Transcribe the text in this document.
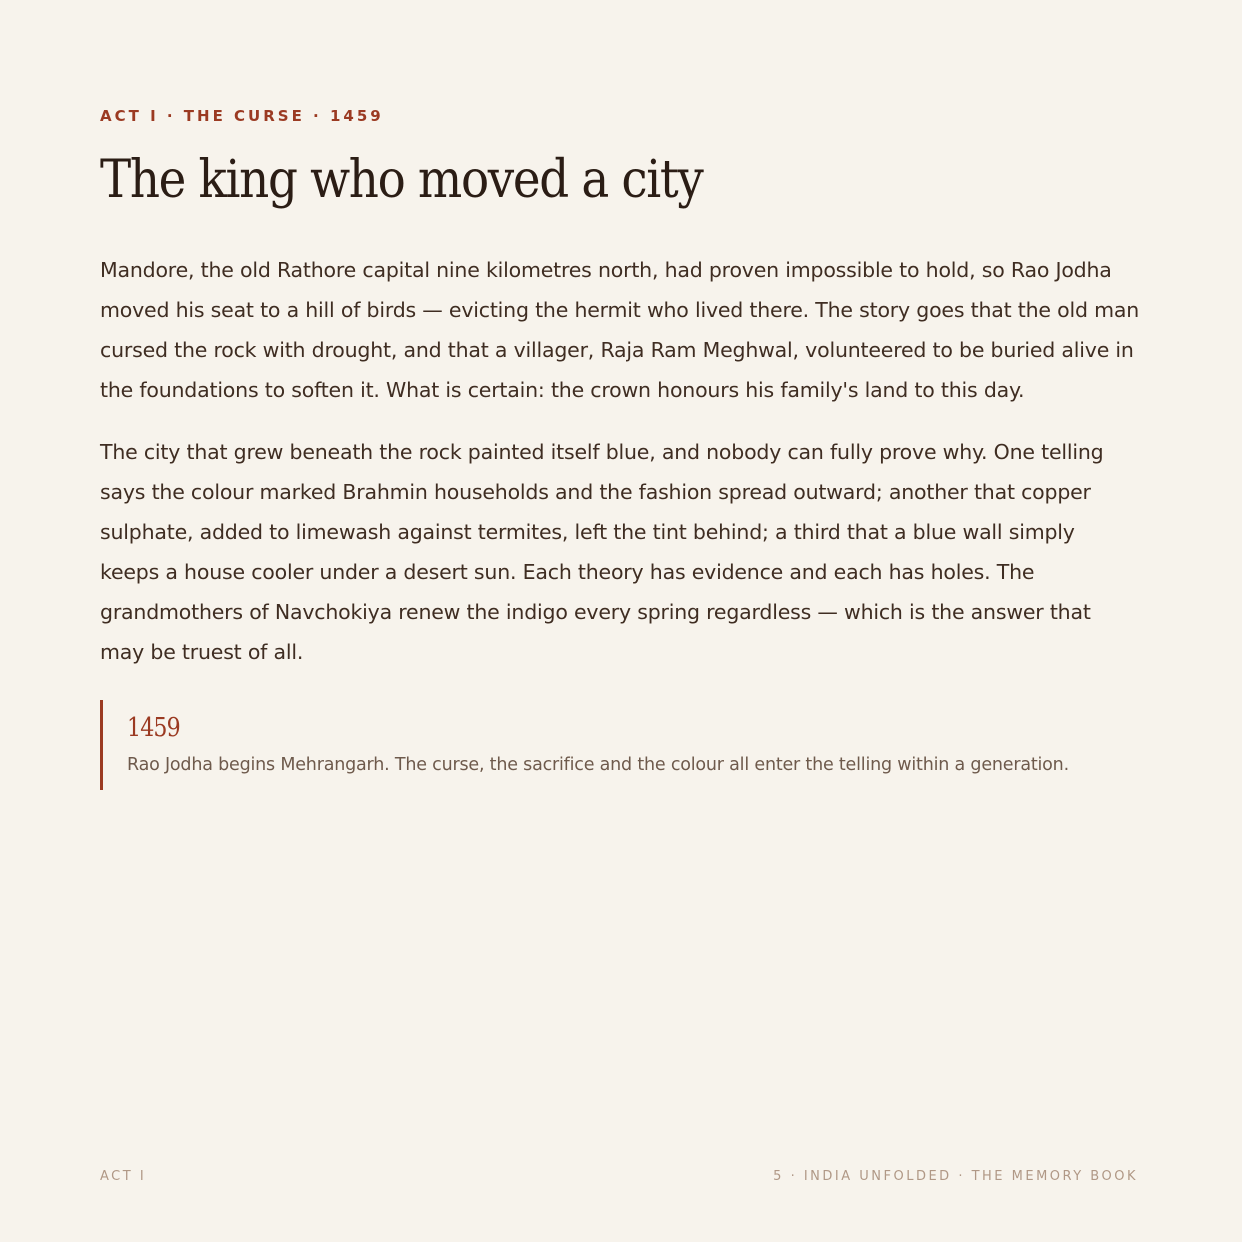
ACT I · THE CURSE · 1459
The king who moved a city

Mandore, the old Rathore capital nine kilometres north, had proven impossible to hold, so Rao Jodha moved his seat to a hill of birds — evicting the hermit who lived there. The story goes that the old man cursed the rock with drought, and that a villager, Raja Ram Meghwal, volunteered to be buried alive in the foundations to soften it. What is certain: the crown honours his family's land to this day.

The city that grew beneath the rock painted itself blue, and nobody can fully prove why. One telling says the colour marked Brahmin households and the fashion spread outward; another that copper sulphate, added to limewash against termites, left the tint behind; a third that a blue wall simply keeps a house cooler under a desert sun. Each theory has evidence and each has holes. The grandmothers of Navchokiya renew the indigo every spring regardless — which is the answer that may be truest of all.

1459
Rao Jodha begins Mehrangarh. The curse, the sacrifice and the colour all enter the telling within a generation.
ACT I	5 · INDIA UNFOLDED · THE MEMORY BOOK
